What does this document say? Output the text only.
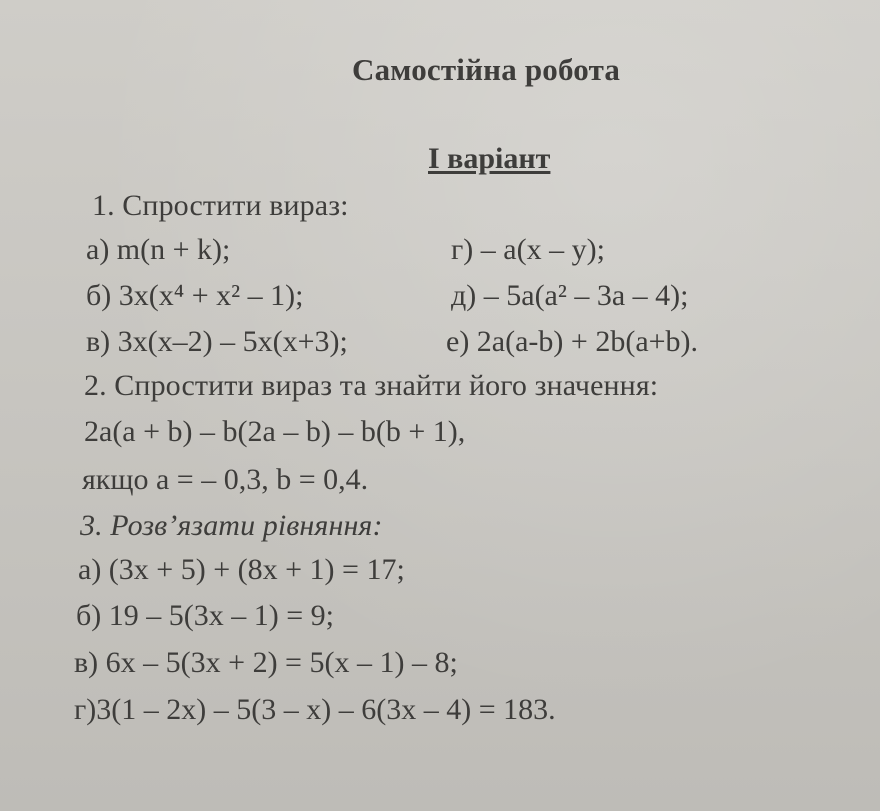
Самостійна робота
І варіант
1. Спростити вираз:
а) m(n + k);	г) – a(x – y);
б) 3x(x⁴ + x² – 1);	д) – 5a(a² – 3a – 4);
в) 3x(x–2) – 5x(x+3);	е) 2a(a-b) + 2b(a+b).
2. Спростити вираз та знайти його значення:
2a(a + b) – b(2a – b) – b(b + 1),
якщо a = – 0,3, b = 0,4.
3. Розв’язати рівняння:
а) (3x + 5) + (8x + 1) = 17;
б) 19 – 5(3x – 1) = 9;
в) 6x – 5(3x + 2) = 5(x – 1) – 8;
г)3(1 – 2x) – 5(3 – x) – 6(3x – 4) = 183.
